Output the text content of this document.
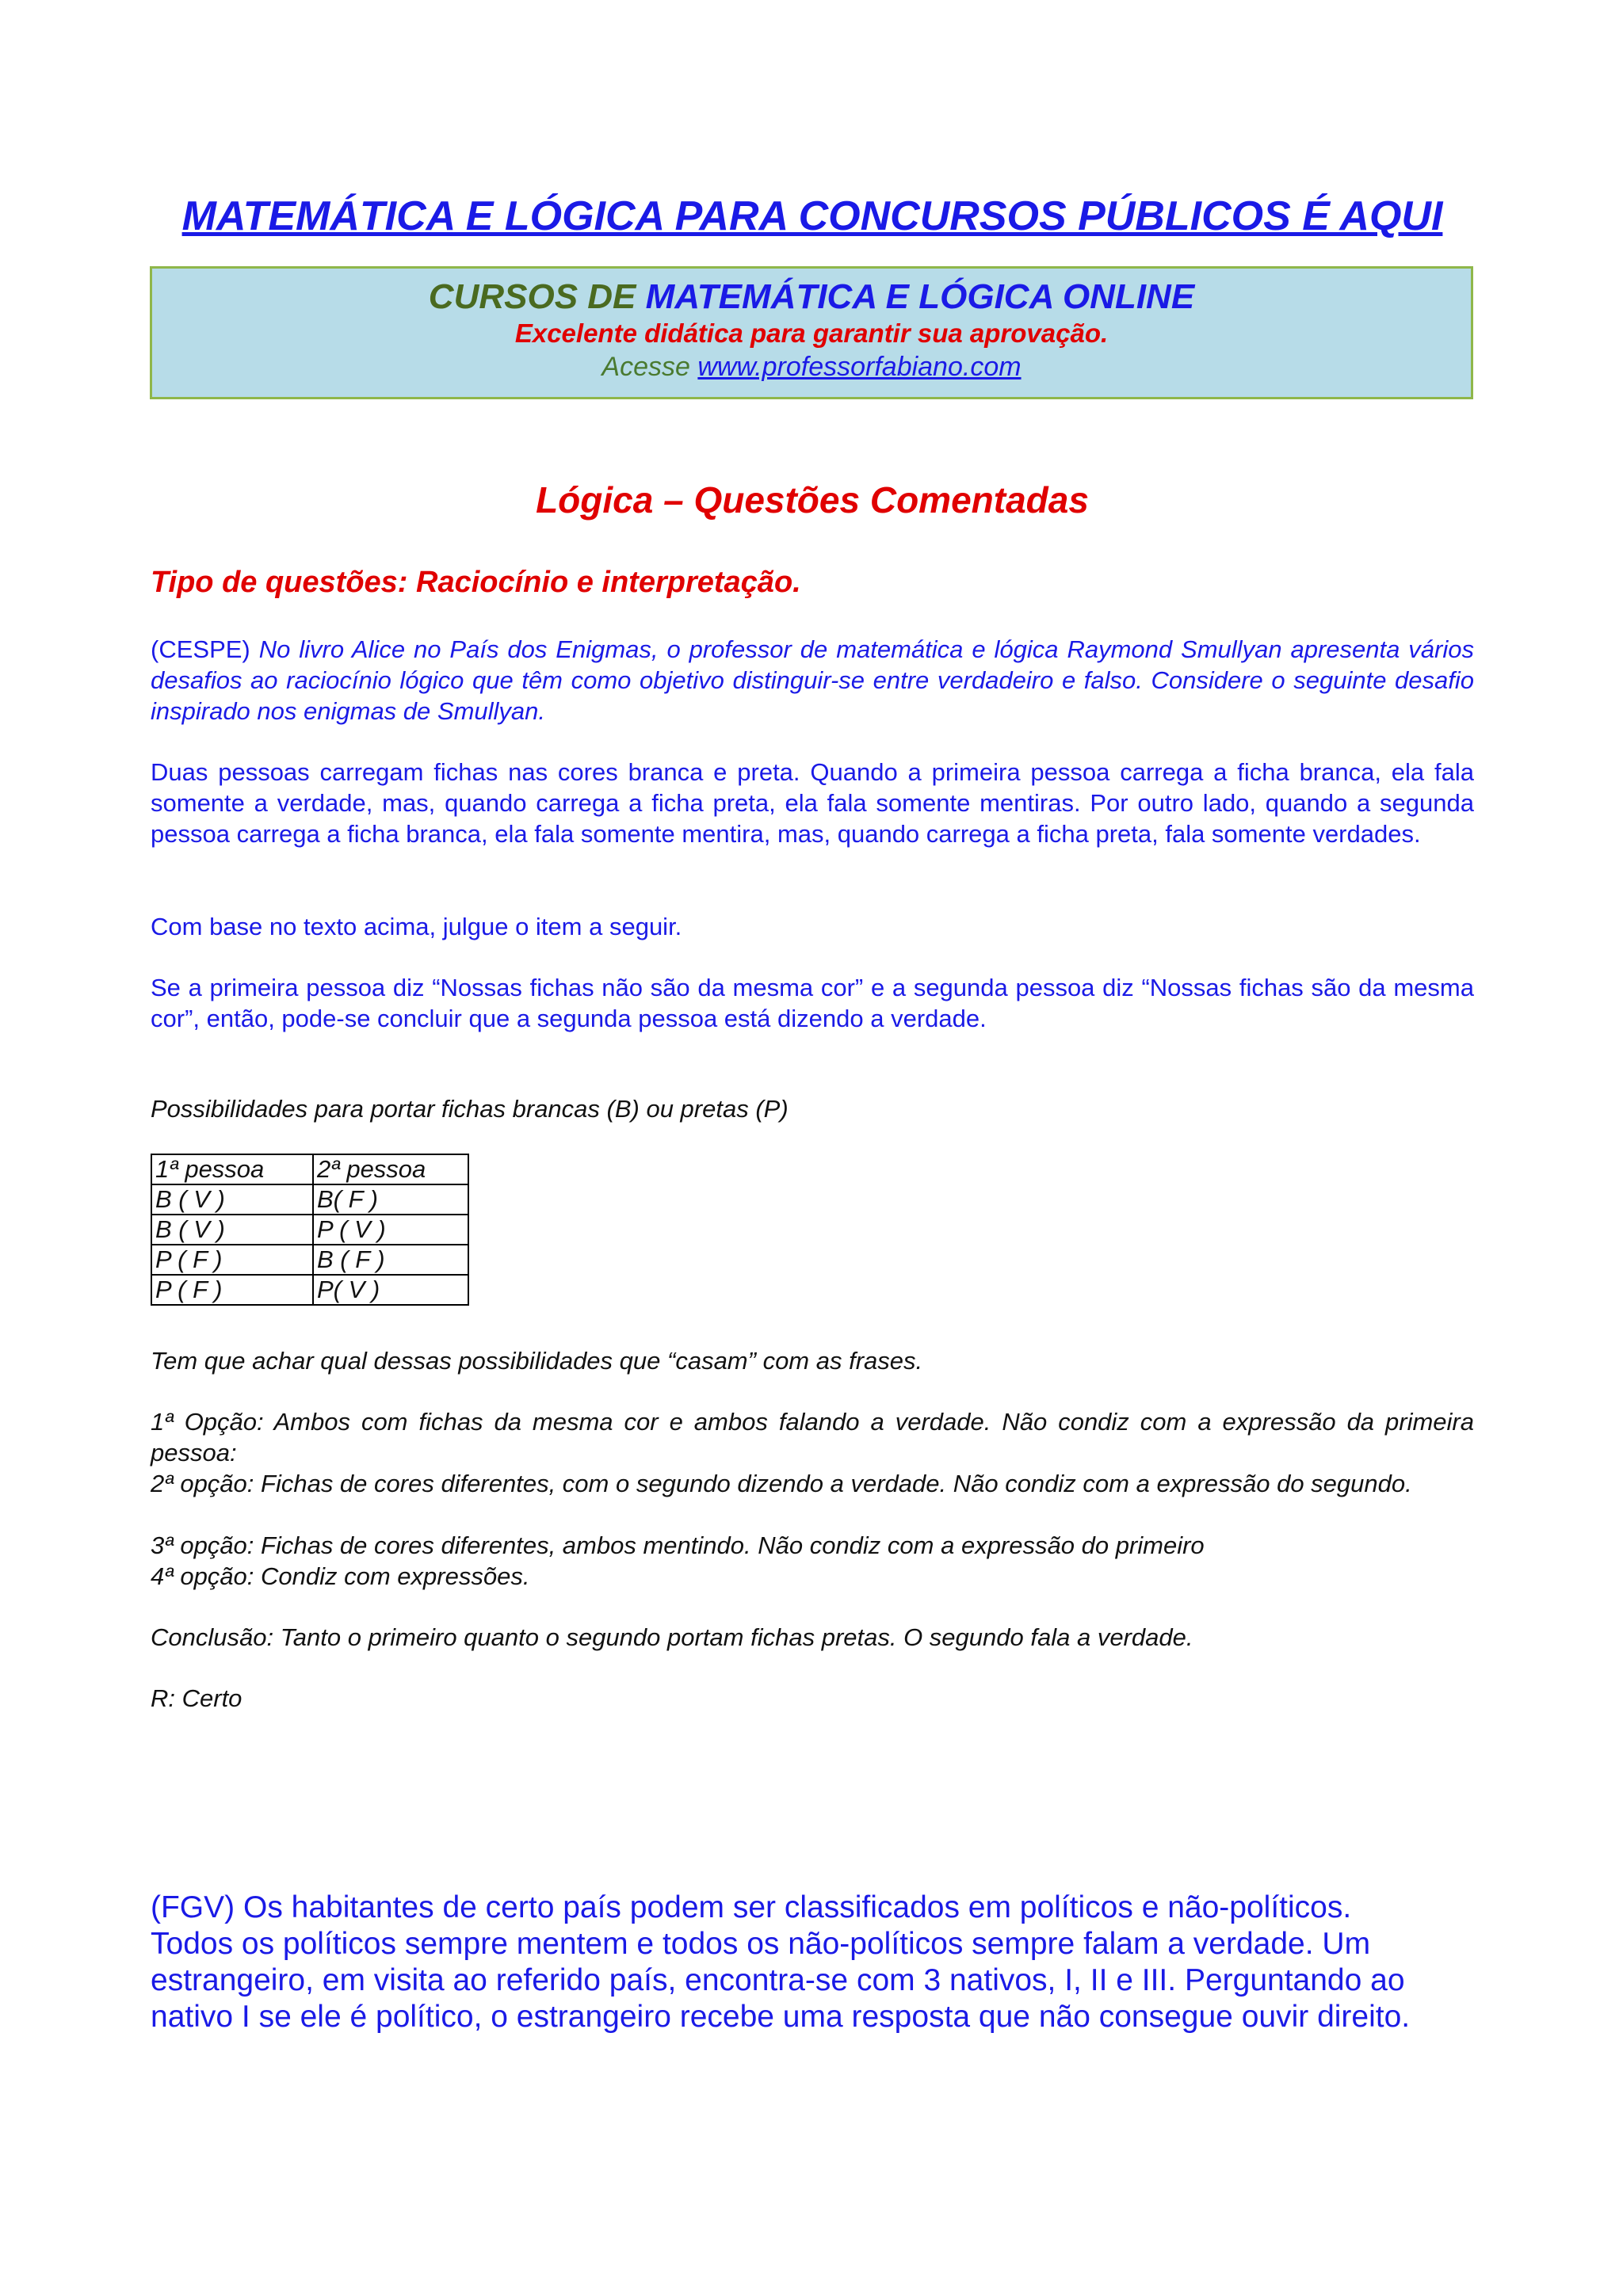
MATEMÁTICA E LÓGICA PARA CONCURSOS PÚBLICOS É AQUI
CURSOS DE MATEMÁTICA E LÓGICA ONLINE
Excelente didática para garantir sua aprovação.
Acesse www.professorfabiano.com
Lógica – Questões Comentadas
Tipo de questões: Raciocínio e interpretação.
(CESPE) No livro Alice no País dos Enigmas, o professor de matemática e lógica Raymond Smullyan apresenta vários desafios ao raciocínio lógico que têm como objetivo distinguir-se entre verdadeiro e falso. Considere o seguinte desafio inspirado nos enigmas de Smullyan.
Duas pessoas carregam fichas nas cores branca e preta. Quando a primeira pessoa carrega a ficha branca, ela fala somente a verdade, mas, quando carrega a ficha preta, ela fala somente mentiras. Por outro lado, quando a segunda pessoa carrega a ficha branca, ela fala somente mentira, mas, quando carrega a ficha preta, fala somente verdades.
Com base no texto acima, julgue o item a seguir.
Se a primeira pessoa diz “Nossas fichas não são da mesma cor” e a segunda pessoa diz “Nossas fichas são da mesma cor”, então, pode-se concluir que a segunda pessoa está dizendo a verdade.
Possibilidades para portar fichas brancas (B) ou pretas (P)
1ª pessoa	2ª pessoa
B ( V )	B( F )
B ( V )	P ( V )
P ( F )	B ( F )
P ( F )	P( V )
Tem que achar qual dessas possibilidades que “casam” com as frases.
1ª Opção: Ambos com fichas da mesma cor e ambos falando a verdade. Não condiz com a expressão da primeira pessoa:
2ª opção: Fichas de cores diferentes, com o segundo dizendo a verdade. Não condiz com a expressão do segundo.
3ª opção: Fichas de cores diferentes, ambos mentindo. Não condiz com a expressão do primeiro
4ª opção: Condiz com expressões.
Conclusão: Tanto o primeiro quanto o segundo portam fichas pretas. O segundo fala a verdade.
R: Certo
(FGV) Os habitantes de certo país podem ser classificados em políticos e não-políticos.
Todos os políticos sempre mentem e todos os não-políticos sempre falam a verdade. Um
estrangeiro, em visita ao referido país, encontra-se com 3 nativos, I, II e III. Perguntando ao
nativo I se ele é político, o estrangeiro recebe uma resposta que não consegue ouvir direito.
